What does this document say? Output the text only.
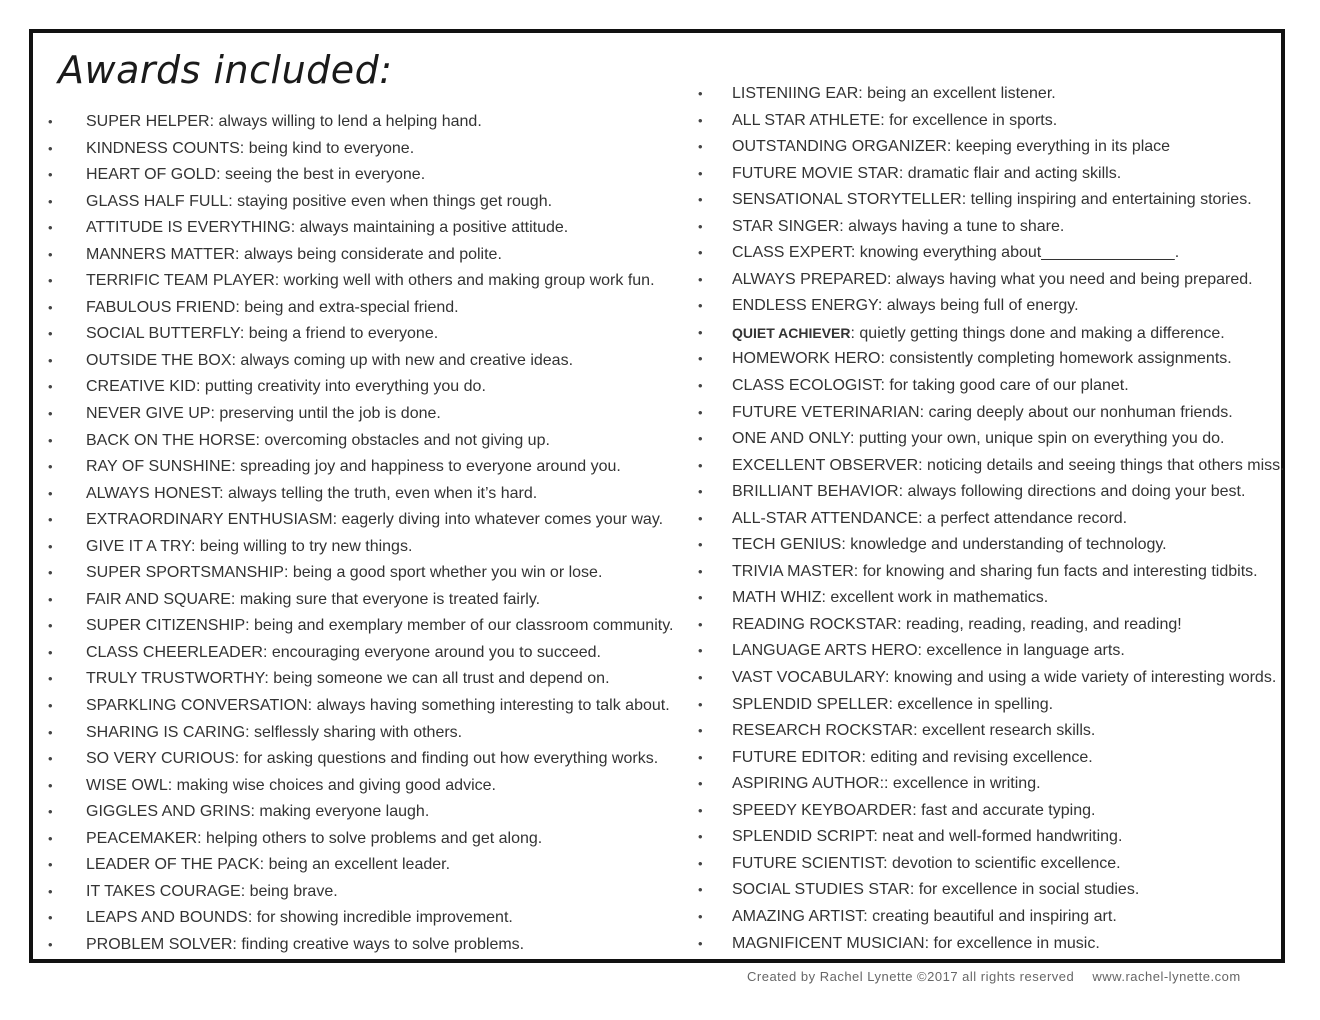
Awards included:
• SUPER HELPER: always willing to lend a helping hand.
• KINDNESS COUNTS: being kind to everyone.
• HEART OF GOLD: seeing the best in everyone.
• GLASS HALF FULL: staying positive even when things get rough.
• ATTITUDE IS EVERYTHING: always maintaining a positive attitude.
• MANNERS MATTER: always being considerate and polite.
• TERRIFIC TEAM PLAYER: working well with others and making group work fun.
• FABULOUS FRIEND: being and extra-special friend.
• SOCIAL BUTTERFLY: being a friend to everyone.
• OUTSIDE THE BOX: always coming up with new and creative ideas.
• CREATIVE KID: putting creativity into everything you do.
• NEVER GIVE UP: preserving until the job is done.
• BACK ON THE HORSE: overcoming obstacles and not giving up.
• RAY OF SUNSHINE: spreading joy and happiness to everyone around you.
• ALWAYS HONEST: always telling the truth, even when it’s hard.
• EXTRAORDINARY ENTHUSIASM: eagerly diving into whatever comes your way.
• GIVE IT A TRY: being willing to try new things.
• SUPER SPORTSMANSHIP: being a good sport whether you win or lose.
• FAIR AND SQUARE: making sure that everyone is treated fairly.
• SUPER CITIZENSHIP: being and exemplary member of our classroom community.
• CLASS CHEERLEADER: encouraging everyone around you to succeed.
• TRULY TRUSTWORTHY: being someone we can all trust and depend on.
• SPARKLING CONVERSATION: always having something interesting to talk about.
• SHARING IS CARING: selflessly sharing with others.
• SO VERY CURIOUS: for asking questions and finding out how everything works.
• WISE OWL: making wise choices and giving good advice.
• GIGGLES AND GRINS: making everyone laugh.
• PEACEMAKER: helping others to solve problems and get along.
• LEADER OF THE PACK: being an excellent leader.
• IT TAKES COURAGE: being brave.
• LEAPS AND BOUNDS: for showing incredible improvement.
• PROBLEM SOLVER: finding creative ways to solve problems.
• LISTENIING EAR: being an excellent listener.
• ALL STAR ATHLETE: for excellence in sports.
• OUTSTANDING ORGANIZER: keeping everything in its place
• FUTURE MOVIE STAR: dramatic flair and acting skills.
• SENSATIONAL STORYTELLER: telling inspiring and entertaining stories.
• STAR SINGER: always having a tune to share.
• CLASS EXPERT: knowing everything about_______________.
• ALWAYS PREPARED: always having what you need and being prepared.
• ENDLESS ENERGY: always being full of energy.
• QUIET ACHIEVER: quietly getting things done and making a difference.
• HOMEWORK HERO: consistently completing homework assignments.
• CLASS ECOLOGIST: for taking good care of our planet.
• FUTURE VETERINARIAN: caring deeply about our nonhuman friends.
• ONE AND ONLY: putting your own, unique spin on everything you do.
• EXCELLENT OBSERVER: noticing details and seeing things that others miss.
• BRILLIANT BEHAVIOR: always following directions and doing your best.
• ALL-STAR ATTENDANCE: a perfect attendance record.
• TECH GENIUS: knowledge and understanding of technology.
• TRIVIA MASTER: for knowing and sharing fun facts and interesting tidbits.
• MATH WHIZ: excellent work in mathematics.
• READING ROCKSTAR: reading, reading, reading, and reading!
• LANGUAGE ARTS HERO: excellence in language arts.
• VAST VOCABULARY: knowing and using a wide variety of interesting words.
• SPLENDID SPELLER: excellence in spelling.
• RESEARCH ROCKSTAR: excellent research skills.
• FUTURE EDITOR: editing and revising excellence.
• ASPIRING AUTHOR:: excellence in writing.
• SPEEDY KEYBOARDER: fast and accurate typing.
• SPLENDID SCRIPT: neat and well-formed handwriting.
• FUTURE SCIENTIST: devotion to scientific excellence.
• SOCIAL STUDIES STAR: for excellence in social studies.
• AMAZING ARTIST: creating beautiful and inspiring art.
• MAGNIFICENT MUSICIAN: for excellence in music.
Created by Rachel Lynette ©2017 all rights reserved www.rachel-lynette.com
